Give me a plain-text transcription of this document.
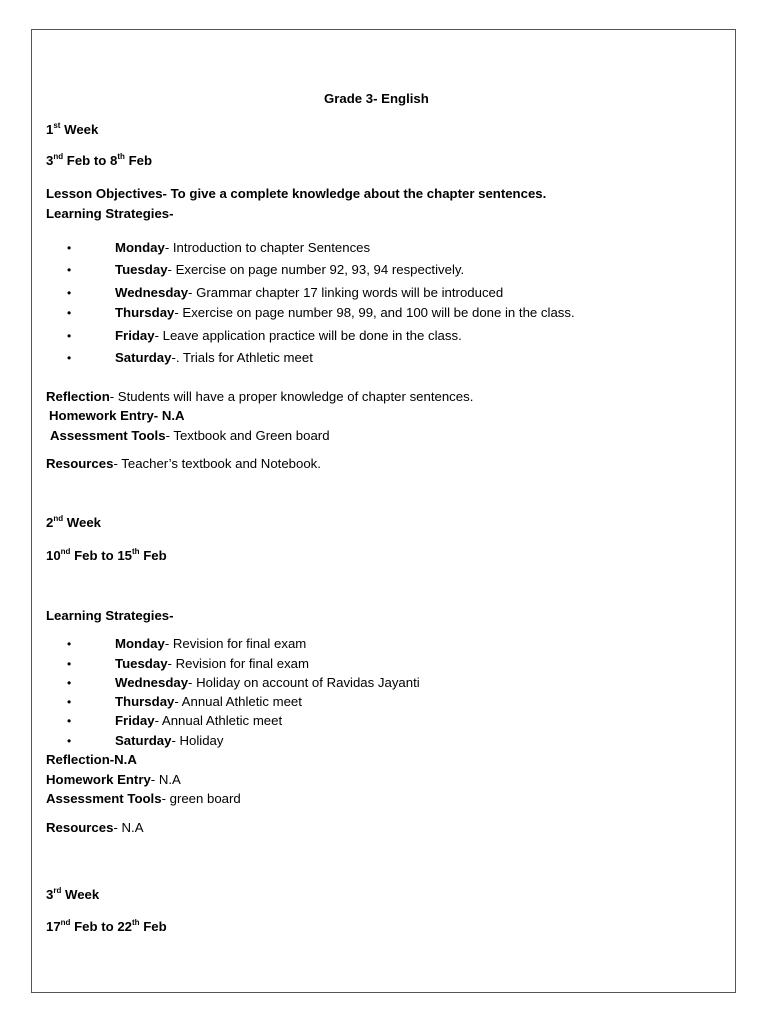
Grade 3- English
1st Week
3nd Feb to 8th Feb
Lesson Objectives- To give a complete knowledge about the chapter sentences.
Learning Strategies-
•	Monday- Introduction to chapter Sentences
•	Tuesday- Exercise on page number 92, 93, 94 respectively.
•	Wednesday- Grammar chapter 17 linking words will be introduced
•	Thursday- Exercise on page number 98, 99, and 100 will be done in the class.
•	Friday- Leave application practice will be done in the class.
•	Saturday-. Trials for Athletic meet
Reflection- Students will have a proper knowledge of chapter sentences.
Homework Entry- N.A
Assessment Tools- Textbook and Green board
Resources- Teacher’s textbook and Notebook.
2nd Week
10nd Feb to 15th Feb
Learning Strategies-
•	Monday- Revision for final exam
•	Tuesday- Revision for final exam
•	Wednesday- Holiday on account of Ravidas Jayanti
•	Thursday- Annual Athletic meet
•	Friday- Annual Athletic meet
•	Saturday- Holiday
Reflection-N.A
Homework Entry- N.A
Assessment Tools- green board
Resources- N.A
3rd Week
17nd Feb to 22th Feb
